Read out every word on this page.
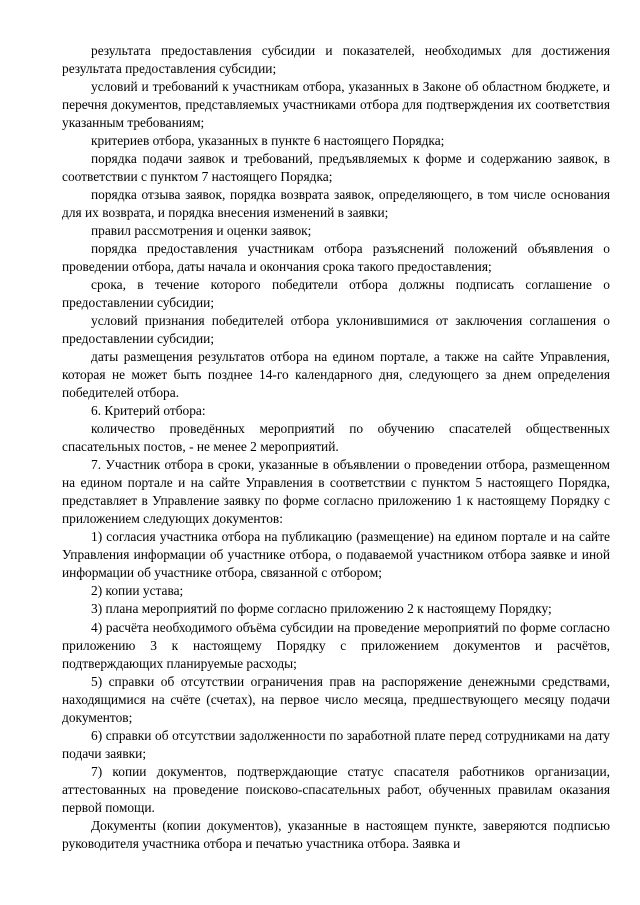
результата предоставления субсидии и показателей, необходимых для достижения результата предоставления субсидии;

условий и требований к участникам отбора, указанных в Законе об областном бюджете, и перечня документов, представляемых участниками отбора для подтверждения их соответствия указанным требованиям;

критериев отбора, указанных в пункте 6 настоящего Порядка;

порядка подачи заявок и требований, предъявляемых к форме и содержанию заявок, в соответствии с пунктом 7 настоящего Порядка;

порядка отзыва заявок, порядка возврата заявок, определяющего, в том числе основания для их возврата, и порядка внесения изменений в заявки;

правил рассмотрения и оценки заявок;

порядка предоставления участникам отбора разъяснений положений объявления о проведении отбора, даты начала и окончания срока такого предоставления;

срока, в течение которого победители отбора должны подписать соглашение о предоставлении субсидии;

условий признания победителей отбора уклонившимися от заключения соглашения о предоставлении субсидии;

даты размещения результатов отбора на едином портале, а также на сайте Управления, которая не может быть позднее 14-го календарного дня, следующего за днем определения победителей отбора.

6. Критерий отбора:

количество проведённых мероприятий по обучению спасателей общественных спасательных постов, - не менее 2 мероприятий.

7. Участник отбора в сроки, указанные в объявлении о проведении отбора, размещенном на едином портале и на сайте Управления в соответствии с пунктом 5 настоящего Порядка, представляет в Управление заявку по форме согласно приложению 1 к настоящему Порядку с приложением следующих документов:

1) согласия участника отбора на публикацию (размещение) на едином портале и на сайте Управления информации об участнике отбора, о подаваемой участником отбора заявке и иной информации об участнике отбора, связанной с отбором;

2) копии устава;

3) плана мероприятий по форме согласно приложению 2 к настоящему Порядку;

4) расчёта необходимого объёма субсидии на проведение мероприятий по форме согласно приложению 3 к настоящему Порядку с приложением документов и расчётов, подтверждающих планируемые расходы;

5) справки об отсутствии ограничения прав на распоряжение денежными средствами, находящимися на счёте (счетах), на первое число месяца, предшествующего месяцу подачи документов;

6) справки об отсутствии задолженности по заработной плате перед сотрудниками на дату подачи заявки;

7) копии документов, подтверждающие статус спасателя работников организации, аттестованных на проведение поисково-спасательных работ, обученных правилам оказания первой помощи.

Документы (копии документов), указанные в настоящем пункте, заверяются подписью руководителя участника отбора и печатью участника отбора. Заявка и
